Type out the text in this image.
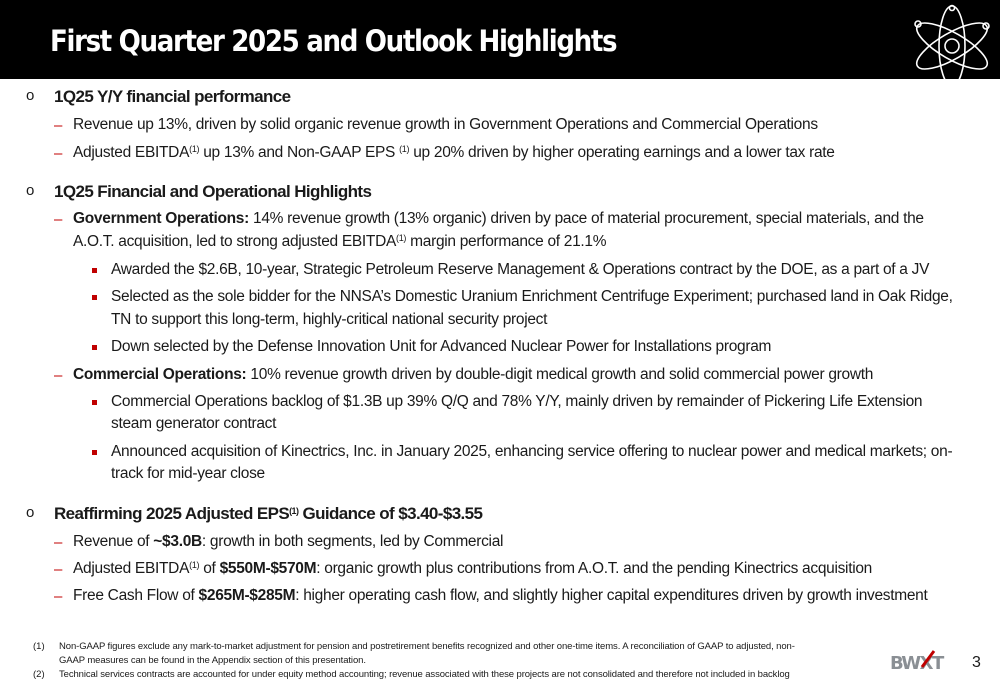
First Quarter 2025 and Outlook Highlights
o 1Q25 Y/Y financial performance
– Revenue up 13%, driven by solid organic revenue growth in Government Operations and Commercial Operations
– Adjusted EBITDA$^{(1)}$ up 13% and Non-GAAP EPS $^{(1)}$ up 20% driven by higher operating earnings and a lower tax rate
o 1Q25 Financial and Operational Highlights
– Government Operations: 14% revenue growth (13% organic) driven by pace of material procurement, special materials, and the
A.O.T. acquisition, led to strong adjusted EBITDA$^{(1)}$ margin performance of 21.1%
Awarded the $2.6B, 10-year, Strategic Petroleum Reserve Management & Operations contract by the DOE, as a part of a JV
Selected as the sole bidder for the NNSA’s Domestic Uranium Enrichment Centrifuge Experiment; purchased land in Oak Ridge,
TN to support this long-term, highly-critical national security project
Down selected by the Defense Innovation Unit for Advanced Nuclear Power for Installations program
– Commercial Operations: 10% revenue growth driven by double-digit medical growth and solid commercial power growth
Commercial Operations backlog of $1.3B up 39% Q/Q and 78% Y/Y, mainly driven by remainder of Pickering Life Extension
steam generator contract
Announced acquisition of Kinectrics, Inc. in January 2025, enhancing service offering to nuclear power and medical markets; on-
track for mid-year close
o Reaffirming 2025 Adjusted EPS$^{(1)}$ Guidance of $3.40-$3.55
– Revenue of ~$3.0B: growth in both segments, led by Commercial
– Adjusted EBITDA$^{(1)}$ of $550M-$570M: organic growth plus contributions from A.O.T. and the pending Kinectrics acquisition
– Free Cash Flow of $265M-$285M: higher operating cash flow, and slightly higher capital expenditures driven by growth investment
(1) Non-GAAP figures exclude any mark-to-market adjustment for pension and postretirement benefits recognized and other one-time items. A reconciliation of GAAP to adjusted, non-
GAAP measures can be found in the Appendix section of this presentation.
(2) Technical services contracts are accounted for under equity method accounting; revenue associated with these projects are not consolidated and therefore not included in backlog
BWXT 3
